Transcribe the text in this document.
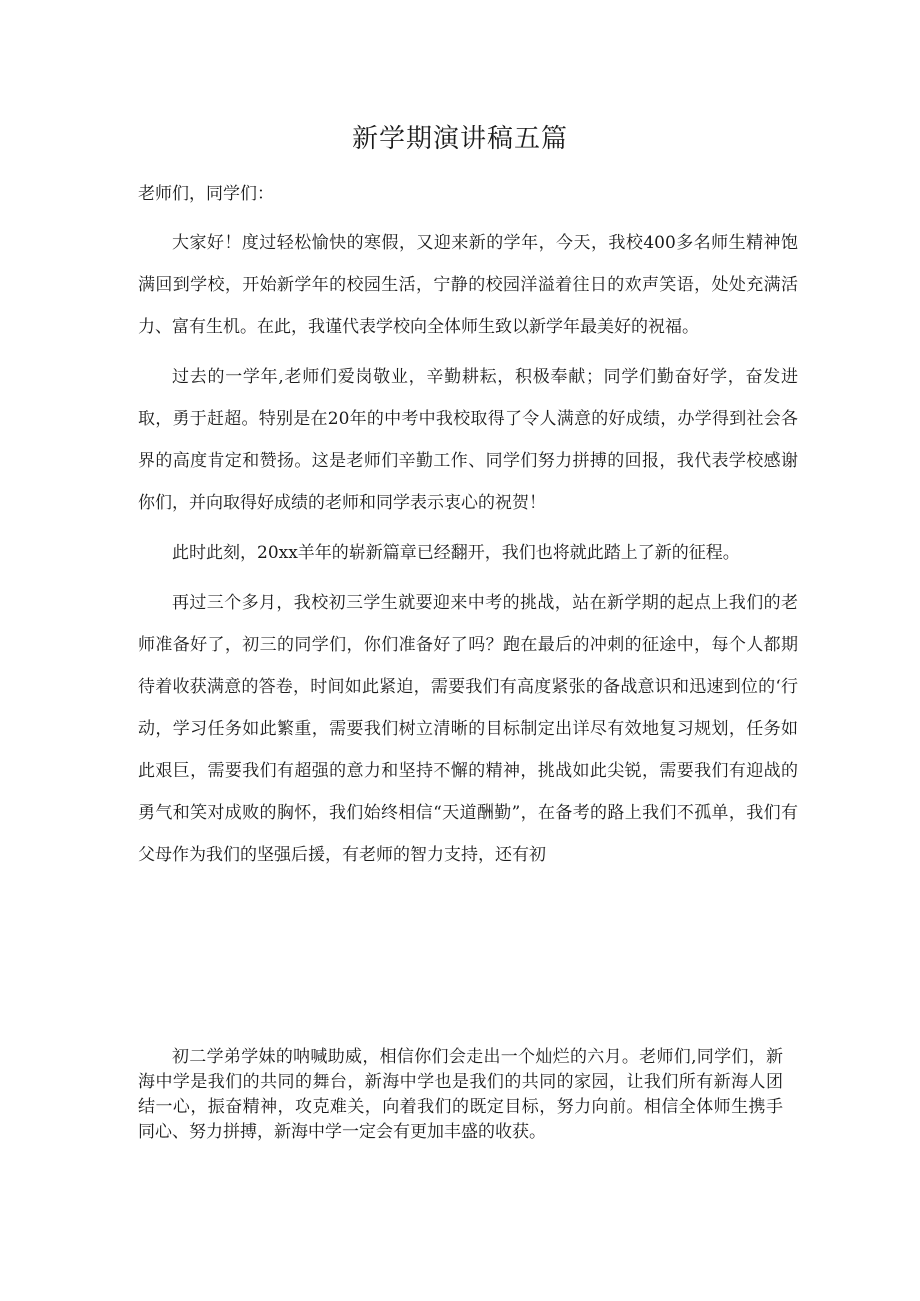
新学期演讲稿五篇

老师们，同学们：

大家好！度过轻松愉快的寒假，又迎来新的学年，今天，我校400多名师生精神饱满回到学校，开始新学年的校园生活，宁静的校园洋溢着往日的欢声笑语，处处充满活力、富有生机。在此，我谨代表学校向全体师生致以新学年最美好的祝福。

过去的一学年,老师们爱岗敬业，辛勤耕耘，积极奉献；同学们勤奋好学，奋发进取，勇于赶超。特别是在20年的中考中我校取得了令人满意的好成绩，办学得到社会各界的高度肯定和赞扬。这是老师们辛勤工作、同学们努力拼搏的回报，我代表学校感谢你们，并向取得好成绩的老师和同学表示衷心的祝贺！

此时此刻，20xx羊年的崭新篇章已经翻开，我们也将就此踏上了新的征程。

再过三个多月，我校初三学生就要迎来中考的挑战，站在新学期的起点上我们的老师准备好了，初三的同学们，你们准备好了吗？跑在最后的冲刺的征途中，每个人都期待着收获满意的答卷，时间如此紧迫，需要我们有高度紧张的备战意识和迅速到位的‘行动，学习任务如此繁重，需要我们树立清晰的目标制定出详尽有效地复习规划，任务如此艰巨，需要我们有超强的意力和坚持不懈的精神，挑战如此尖锐，需要我们有迎战的勇气和笑对成败的胸怀，我们始终相信“天道酬勤”，在备考的路上我们不孤单，我们有父母作为我们的坚强后援，有老师的智力支持，还有初

初二学弟学妹的呐喊助威，相信你们会走出一个灿烂的六月。老师们,同学们，新海中学是我们的共同的舞台，新海中学也是我们的共同的家园，让我们所有新海人团结一心，振奋精神，攻克难关，向着我们的既定目标，努力向前。相信全体师生携手同心、努力拼搏，新海中学一定会有更加丰盛的收获。
